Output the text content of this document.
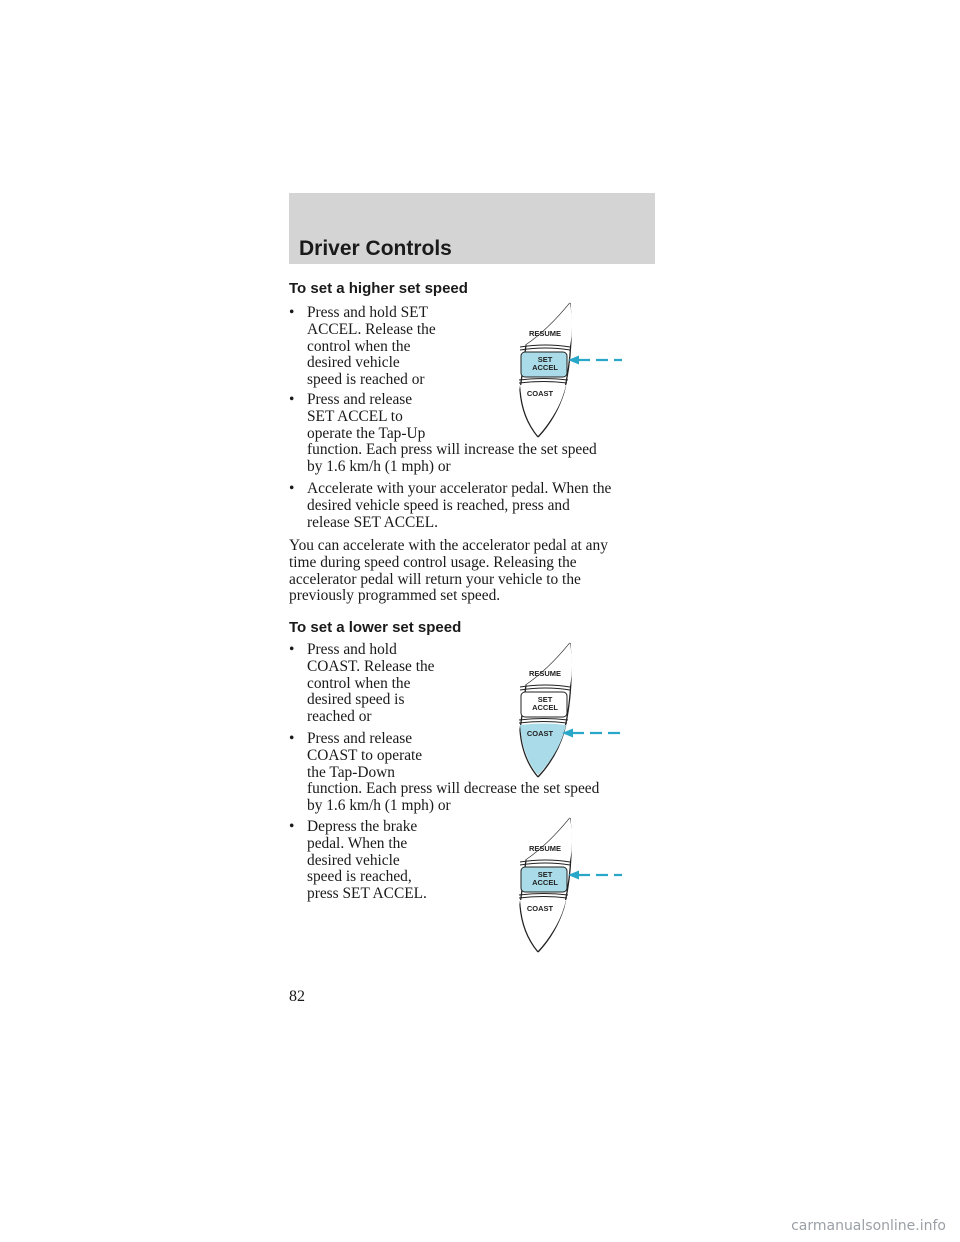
Driver Controls
To set a higher set speed
• Press and hold SET
ACCEL. Release the
control when the
desired vehicle
speed is reached or
• Press and release
SET ACCEL to
operate the Tap-Up
function. Each press will increase the set speed
by 1.6 km/h (1 mph) or
• Accelerate with your accelerator pedal. When the
desired vehicle speed is reached, press and
release SET ACCEL.
You can accelerate with the accelerator pedal at any
time during speed control usage. Releasing the
accelerator pedal will return your vehicle to the
previously programmed set speed.
To set a lower set speed
• Press and hold
COAST. Release the
control when the
desired speed is
reached or
• Press and release
COAST to operate
the Tap-Down
function. Each press will decrease the set speed
by 1.6 km/h (1 mph) or
• Depress the brake
pedal. When the
desired vehicle
speed is reached,
press SET ACCEL.
RESUME
SET
ACCEL
COAST
RESUME
SET
ACCEL
COAST
RESUME
SET
ACCEL
COAST
82
carmanualsonline.info
